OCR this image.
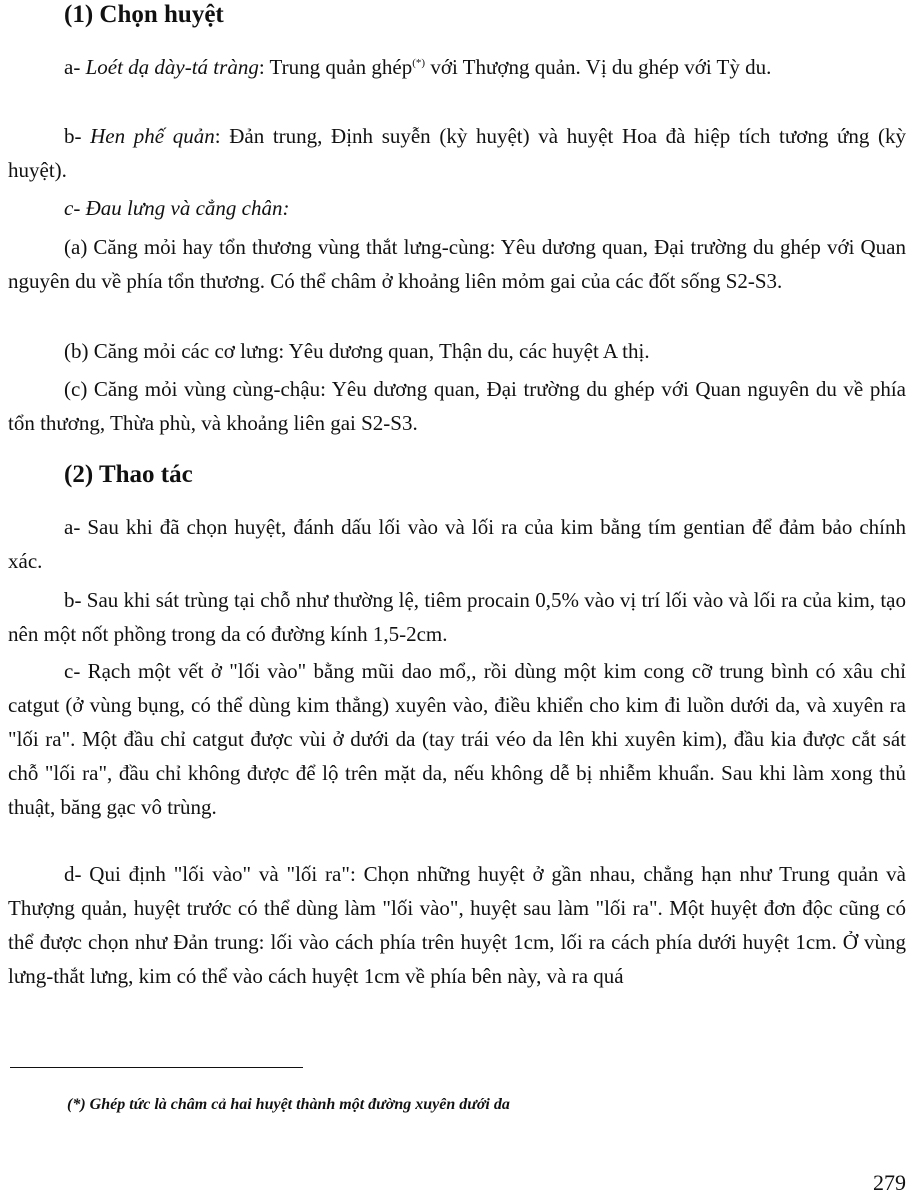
(1) Chọn huyệt

a- Loét dạ dày-tá tràng: Trung quản ghép(*) với Thượng quản. Vị du ghép với Tỳ du.

b- Hen phế quản: Đản trung, Định suyễn (kỳ huyệt) và huyệt Hoa đà hiệp tích tương ứng (kỳ huyệt).

c- Đau lưng và cẳng chân:

(a) Căng mỏi hay tổn thương vùng thắt lưng-cùng: Yêu dương quan, Đại trường du ghép với Quan nguyên du về phía tổn thương. Có thể châm ở khoảng liên mỏm gai của các đốt sống S2-S3.

(b) Căng mỏi các cơ lưng: Yêu dương quan, Thận du, các huyệt A thị.

(c) Căng mỏi vùng cùng-chậu: Yêu dương quan, Đại trường du ghép với Quan nguyên du về phía tổn thương, Thừa phù, và khoảng liên gai S2-S3.

(2) Thao tác

a- Sau khi đã chọn huyệt, đánh dấu lối vào và lối ra của kim bằng tím gentian để đảm bảo chính xác.

b- Sau khi sát trùng tại chỗ như thường lệ, tiêm procain 0,5% vào vị trí lối vào và lối ra của kim, tạo nên một nốt phồng trong da có đường kính 1,5-2cm.

c- Rạch một vết ở "lối vào" bằng mũi dao mổ,, rồi dùng một kim cong cỡ trung bình có xâu chỉ catgut (ở vùng bụng, có thể dùng kim thẳng) xuyên vào, điều khiển cho kim đi luồn dưới da, và xuyên ra "lối ra". Một đầu chỉ catgut được vùi ở dưới da (tay trái véo da lên khi xuyên kim), đầu kia được cắt sát chỗ "lối ra", đầu chỉ không được để lộ trên mặt da, nếu không dễ bị nhiễm khuẩn. Sau khi làm xong thủ thuật, băng gạc vô trùng.

d- Qui định "lối vào" và "lối ra": Chọn những huyệt ở gần nhau, chẳng hạn như Trung quản và Thượng quản, huyệt trước có thể dùng làm "lối vào", huyệt sau làm "lối ra". Một huyệt đơn độc cũng có thể được chọn như Đản trung: lối vào cách phía trên huyệt 1cm, lối ra cách phía dưới huyệt 1cm. Ở vùng lưng-thắt lưng, kim có thể vào cách huyệt 1cm về phía bên này, và ra quá

(*) Ghép tức là châm cả hai huyệt thành một đường xuyên dưới da

279
